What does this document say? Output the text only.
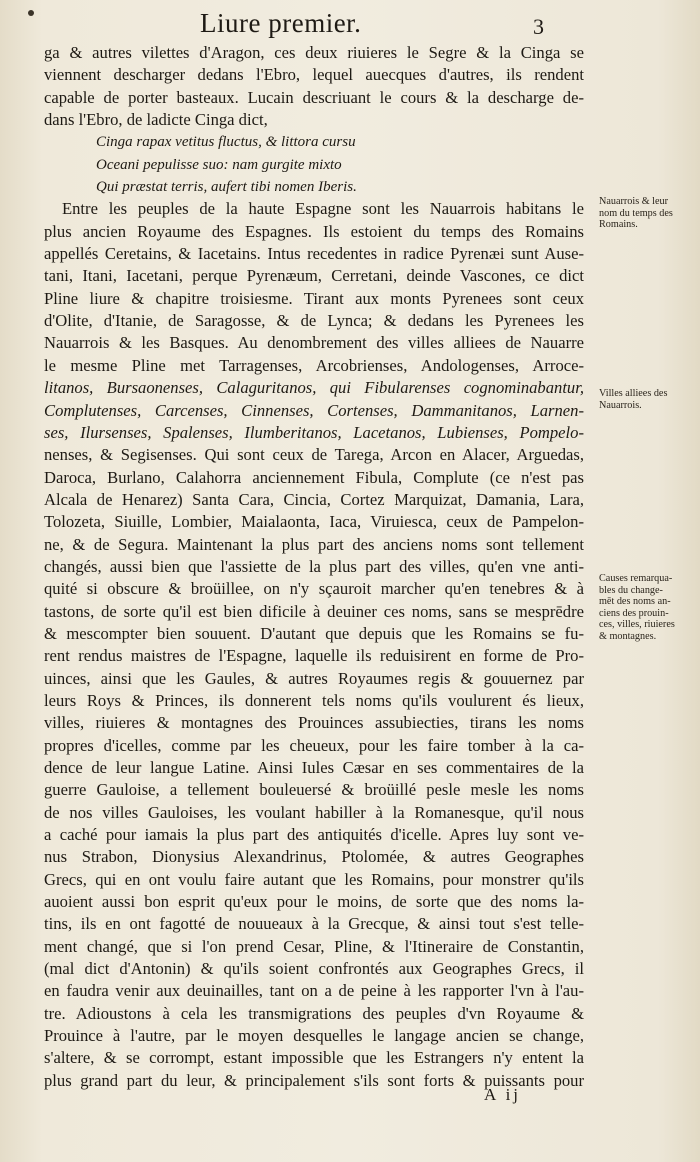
Liure premier.	3
ga & autres vilettes d'Aragon, ces deux riuieres le Segre & la Cinga se
viennent descharger dedans l'Ebro, lequel auecques d'autres, ils rendent
capable de porter basteaux. Lucain descriuant le cours & la descharge de-
dans l'Ebro, de ladicte Cinga dict,
Cinga rapax vetitus fluctus, & littora cursu
Oceani pepulisse suo: nam gurgite mixto
Qui præstat terris, aufert tibi nomen Iberis.
Entre les peuples de la haute Espagne sont les Nauarrois habitans le
plus ancien Royaume des Espagnes. Ils estoient du temps des Romains
appellés Ceretains, & Iacetains. Intus recedentes in radice Pyrenæi sunt Ause-
tani, Itani, Iacetani, perque Pyrenæum, Cerretani, deinde Vascones, ce dict
Pline liure & chapitre troisiesme. Tirant aux monts Pyrenees sont ceux
d'Olite, d'Itanie, de Saragosse, & de Lynca; & dedans les Pyrenees les
Nauarrois & les Basques. Au denombrement des villes alliees de Nauarre
le mesme Pline met Tarragenses, Arcobrienses, Andologenses, Arroce-
litanos, Bursaonenses, Calaguritanos, qui Fibularenses cognominabantur,
Complutenses, Carcenses, Cinnenses, Cortenses, Dammanitanos, Larnen-
ses, Ilursenses, Spalenses, Ilumberitanos, Lacetanos, Lubienses, Pompelo-
nenses, & Segisenses. Qui sont ceux de Tarega, Arcon en Alacer, Arguedas,
Daroca, Burlano, Calahorra anciennement Fibula, Complute (ce n'est pas
Alcala de Henarez) Santa Cara, Cincia, Cortez Marquizat, Damania, Lara,
Tolozeta, Siuille, Lombier, Maialaonta, Iaca, Viruiesca, ceux de Pampelon-
ne, & de Segura. Maintenant la plus part des anciens noms sont tellement
changés, aussi bien que l'assiette de la plus part des villes, qu'en vne anti-
quité si obscure & broüillee, on n'y sçauroit marcher qu'en tenebres & à
tastons, de sorte qu'il est bien dificile à deuiner ces noms, sans se mesprēdre
& mescompter bien souuent. D'autant que depuis que les Romains se fu-
rent rendus maistres de l'Espagne, laquelle ils reduisirent en forme de Pro-
uinces, ainsi que les Gaules, & autres Royaumes regis & gouuernez par
leurs Roys & Princes, ils donnerent tels noms qu'ils voulurent és lieux,
villes, riuieres & montagnes des Prouinces assubiecties, tirans les noms
propres d'icelles, comme par les cheueux, pour les faire tomber à la ca-
dence de leur langue Latine. Ainsi Iules Cæsar en ses commentaires de la
guerre Gauloise, a tellement bouleuersé & broüillé pesle mesle les noms
de nos villes Gauloises, les voulant habiller à la Romanesque, qu'il nous
a caché pour iamais la plus part des antiquités d'icelle. Apres luy sont ve-
nus Strabon, Dionysius Alexandrinus, Ptolomée, & autres Geographes
Grecs, qui en ont voulu faire autant que les Romains, pour monstrer qu'ils
auoient aussi bon esprit qu'eux pour le moins, de sorte que des noms la-
tins, ils en ont fagotté de nouueaux à la Grecque, & ainsi tout s'est telle-
ment changé, que si l'on prend Cesar, Pline, & l'Itineraire de Constantin,
(mal dict d'Antonin) & qu'ils soient confrontés aux Geographes Grecs, il
en faudra venir aux deuinailles, tant on a de peine à les rapporter l'vn à l'au-
tre. Adioustons à cela les transmigrations des peuples d'vn Royaume &
Prouince à l'autre, par le moyen desquelles le langage ancien se change,
s'altere, & se corrompt, estant impossible que les Estrangers n'y entent la
plus grand part du leur, & principalement s'ils sont forts & puissants pour
Nauarrois & leur
nom du temps des
Romains.
Villes alliees des
Nauarrois.
Causes remarqua-
bles du change-
mēt des noms an-
ciens des prouin-
ces, villes, riuieres
& montagnes.
A ij
